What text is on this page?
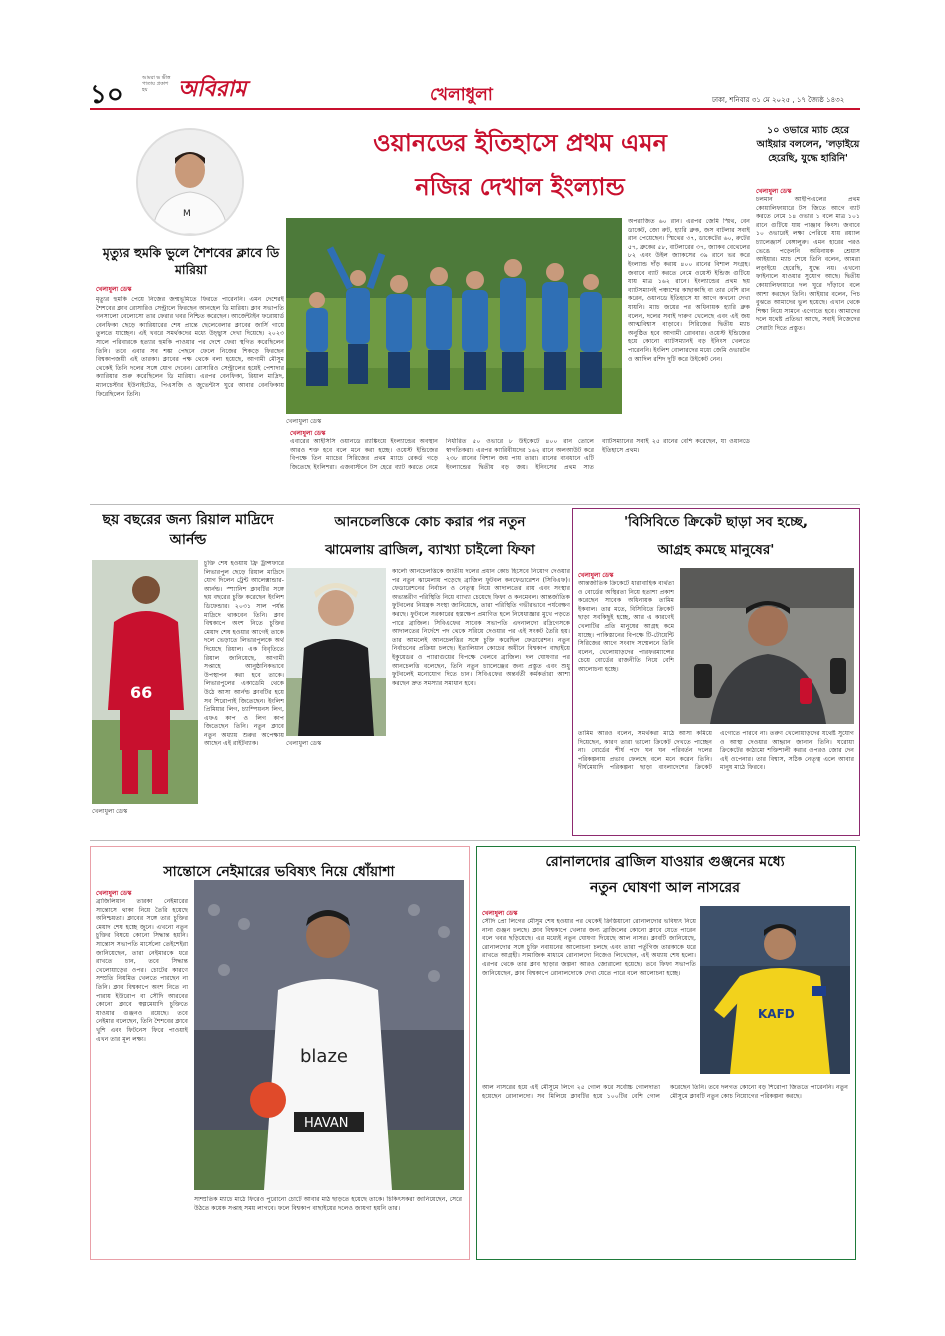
১০
আমরা ভ ভীত্ত পাতায় প্রকাশ হয়	অবিরাম	খেলাধুলা	ঢাকা, শনিবার ৩১ মে ২০২৫ , ১৭ জ্যৈষ্ঠ ১৪৩২
M
মৃত্যুর হুমকি ভুলে শৈশবের ক্লাবে ডি মারিয়া
খেলাধুলা ডেস্ক
মৃত্যুর হুমকি পেয়ে নিজের জন্মভূমিতে ফিরতে পারেননি। এমন দেশেরই শৈশবের ক্লাব রোসারিও সেন্ট্রালে ফিরছেন আনহেল ডি মারিয়া। ক্লাব সভাপতি গনসালো বেলোসো তার ফেরার খবর নিশ্চিত করেছেন। আর্জেন্টাইন ফরোয়ার্ড বেনফিকা ছেড়ে ক্যারিয়ারের শেষ প্রান্তে ছেলেবেলার ক্লাবের জার্সি গায়ে তুলতে যাচ্ছেন। এই খবরে সমর্থকদের মধ্যে উচ্ছ্বাস দেখা দিয়েছে। ২০২৩ সালে পরিবারকে হত্যার হুমকি পাওয়ার পর দেশে ফেরা স্থগিত করেছিলেন তিনি। তবে এবার সব শঙ্কা পেছনে ফেলে নিজের শিকড়ে ফিরছেন বিশ্বকাপজয়ী এই তারকা। ক্লাবের পক্ষ থেকে বলা হয়েছে, আগামী মৌসুম থেকেই তিনি দলের সঙ্গে যোগ দেবেন। রোসারিও সেন্ট্রালের হয়েই পেশাদার ক্যারিয়ার শুরু করেছিলেন ডি মারিয়া। এরপর বেনফিকা, রিয়াল মাদ্রিদ, ম্যানচেস্টার ইউনাইটেড, পিএসজি ও জুভেন্টাস ঘুরে আবার বেনফিকায় ফিরেছিলেন তিনি।
ওয়ানডের ইতিহাসে প্রথম এমন
নজির দেখাল ইংল্যান্ড
খেলাধুলা ডেস্ক
অপরাজিত ৬০ রান। এরপর জেমি স্মিথ, বেন ডাকেট, জো রুট, হ্যারি ব্রুক, জস বাটলার সবাই রান পেয়েছেন। স্মিথের ৩৭, ডাকেটের ৬০, রুটের ৫৭, ব্রুকের ৫৮, বাটলারের ৩৭, জ্যাকব বেথেলের ৮২ এবং উইল জ্যাকসের ৩৯ রানে ভর করে ইংল্যান্ড দাঁড় করায় ৪০০ রানের বিশাল সংগ্রহ। জবাবে ব্যাট করতে নেমে ওয়েস্ট ইন্ডিজ গুটিয়ে যায় মাত্র ১৬২ রানে। ইংল্যান্ডের প্রথম ছয় ব্যাটসম্যানই পঞ্চাশের কাছাকাছি বা তার বেশি রান করেন, ওয়ানডে ইতিহাসে যা আগে কখনো দেখা যায়নি। ম্যাচ জয়ের পর অধিনায়ক হ্যারি ব্রুক বলেন, দলের সবাই দারুণ খেলেছে এবং এই জয় আত্মবিশ্বাস বাড়াবে। সিরিজের দ্বিতীয় ম্যাচ অনুষ্ঠিত হবে আগামী রোববার। ওয়েস্ট ইন্ডিজের হয়ে কোনো ব্যাটসম্যানই বড় ইনিংস খেলতে পারেননি। ইংলিশ বোলারদের মধ্যে জেমি ওভারটন ও আদিল রশিদ দুটি করে উইকেট নেন।
খেলাধুলা ডেস্ক
এবারের আইসিসি ওয়ানডে র‍্যাঙ্কিংয়ে ইংল্যান্ডের অবস্থান আরও শক্ত হবে বলে মনে করা হচ্ছে। ওয়েস্ট ইন্ডিজের বিপক্ষে তিন ম্যাচের সিরিজের প্রথম ম্যাচে রেকর্ড গড়ে জিতেছে ইংলিশরা। এজবাস্টনে টস হেরে ব্যাট করতে নেমে নির্ধারিত ৫০ ওভারে ৮ উইকেটে ৪০০ রান তোলে স্বাগতিকরা। এরপর ক্যারিবীয়দের ১৬২ রানে অলআউট করে ২৩৮ রানের বিশাল জয় পায় তারা। রানের ব্যবধানে এটি ইংল্যান্ডের দ্বিতীয় বড় জয়। ইনিংসের প্রথম সাত ব্যাটসম্যানের সবাই ২৫ রানের বেশি করেছেন, যা ওয়ানডে ইতিহাসে প্রথম।
১০ ওভারে ম্যাচ হেরে আইয়ার বললেন, 'লড়াইয়ে হেরেছি, যুদ্ধে হারিনি'
খেলাধুলা ডেস্ক
চলমান আইপিএলের প্রথম কোয়ালিফায়ারে টস জিতে আগে ব্যাট করতে নেমে ১৪ ওভার ১ বলে মাত্র ১০১ রানে গুটিয়ে যায় পাঞ্জাব কিংস। জবাবে ১০ ওভারেই লক্ষ্য পেরিয়ে যায় রয়্যাল চ্যালেঞ্জার্স বেঙ্গালুরু। এমন হারের পরও ভেঙে পড়েননি অধিনায়ক শ্রেয়াস আইয়ার। ম্যাচ শেষে তিনি বলেন, আমরা লড়াইয়ে হেরেছি, যুদ্ধে নয়। এখনো ফাইনালে যাওয়ার সুযোগ আছে। দ্বিতীয় কোয়ালিফায়ারে দল ঘুরে দাঁড়াবে বলে আশা করছেন তিনি। আইয়ার বলেন, পিচ বুঝতে আমাদের ভুল হয়েছে। এখান থেকে শিক্ষা নিয়ে সামনে এগোতে হবে। আমাদের দলে যথেষ্ট প্রতিভা আছে, সবাই নিজেদের সেরাটা দিতে প্রস্তুত।
ছয় বছরের জন্য রিয়াল মাদ্রিদে আর্নল্ড
66
খেলাধুলা ডেস্ক
চুক্তি শেষ হওয়ায় ফ্রি ট্রান্সফারে লিভারপুল ছেড়ে রিয়াল মাদ্রিদে যোগ দিলেন ট্রেন্ট আলেক্সান্ডার-আর্নল্ড। স্প্যানিশ ক্লাবটির সঙ্গে ছয় বছরের চুক্তি করেছেন ইংলিশ ডিফেন্ডার। ২০৩১ সাল পর্যন্ত মাদ্রিদে থাকবেন তিনি। ক্লাব বিশ্বকাপে অংশ নিতে চুক্তির মেয়াদ শেষ হওয়ার আগেই তাকে দলে ভেড়াতে লিভারপুলকে অর্থ দিয়েছে রিয়াল। এক বিবৃতিতে রিয়াল জানিয়েছে, আগামী সপ্তাহে আনুষ্ঠানিকভাবে উপস্থাপন করা হবে তাকে। লিভারপুলের একাডেমি থেকে উঠে আসা আর্নল্ড ক্লাবটির হয়ে সব শিরোপাই জিতেছেন। ইংলিশ প্রিমিয়ার লিগ, চ্যাম্পিয়নস লিগ, এফএ কাপ ও লিগ কাপ জিতেছেন তিনি। নতুন ক্লাবে নতুন অধ্যায় শুরুর অপেক্ষায় আছেন এই রাইটব্যাক।
আনচেলত্তিকে কোচ করার পর নতুন
ঝামেলায় ব্রাজিল, ব্যাখ্যা চাইলো ফিফা
খেলাধুলা ডেস্ক
কার্লো আনচেলত্তিকে জাতীয় দলের প্রধান কোচ হিসেবে নিয়োগ দেওয়ার পর নতুন ঝামেলায় পড়েছে ব্রাজিল ফুটবল কনফেডারেশন (সিবিএফ)। ফেডারেশনের নির্বাচন ও নেতৃত্ব নিয়ে আদালতের রায় এবং সংস্থার অভ্যন্তরীণ পরিস্থিতি নিয়ে ব্যাখ্যা চেয়েছে ফিফা ও কনমেবল। আন্তর্জাতিক ফুটবলের নিয়ন্ত্রক সংস্থা জানিয়েছে, তারা পরিস্থিতি গভীরভাবে পর্যবেক্ষণ করছে। ফুটবলে সরকারের হস্তক্ষেপ প্রমাণিত হলে নিষেধাজ্ঞার মুখে পড়তে পারে ব্রাজিল। সিবিএফের সাবেক সভাপতি এদনালদো রদ্রিগেসকে আদালতের নির্দেশে পদ থেকে সরিয়ে দেওয়ার পর এই সংকট তৈরি হয়। তার আমলেই আনচেলত্তির সঙ্গে চুক্তি করেছিল ফেডারেশন। নতুন নির্বাচনের প্রক্রিয়া চলছে। ইতালিয়ান কোচের অধীনে বিশ্বকাপ বাছাইয়ে ইকুয়েডর ও প্যারাগুয়ের বিপক্ষে খেলবে ব্রাজিল। দল ঘোষণার পর আনচেলত্তি বলেছেন, তিনি নতুন চ্যালেঞ্জের জন্য প্রস্তুত এবং শুধু ফুটবলেই মনোযোগ দিতে চান। সিবিএফের অন্তর্বর্তী কর্মকর্তারা আশা করছেন দ্রুত সমস্যার সমাধান হবে।
'বিসিবিতে ক্রিকেট ছাড়া সব হচ্ছে,
আগ্রহ কমছে মানুষের'
খেলাধুলা ডেস্ক
আন্তর্জাতিক ক্রিকেটে ধারাবাহিক ব্যর্থতা ও বোর্ডের অস্থিরতা নিয়ে হতাশা প্রকাশ করেছেন সাবেক অধিনায়ক তামিম ইকবাল। তার মতে, বিসিবিতে ক্রিকেট ছাড়া সবকিছুই হচ্ছে, আর এ কারণেই খেলাটির প্রতি মানুষের আগ্রহ কমে যাচ্ছে। পাকিস্তানের বিপক্ষে টি-টোয়েন্টি সিরিজের আগে সংবাদ সম্মেলনে তিনি বলেন, খেলোয়াড়দের পারফরম্যান্সের চেয়ে বোর্ডের রাজনীতি নিয়ে বেশি আলোচনা হচ্ছে।
তামিম আরও বলেন, সমর্থকরা মাঠে আসা কমিয়ে দিয়েছেন, কারণ তারা ভালো ক্রিকেট দেখতে পাচ্ছেন না। বোর্ডের শীর্ষ পদে ঘন ঘন পরিবর্তন দলের পরিকল্পনায় প্রভাব ফেলছে বলে মনে করেন তিনি। দীর্ঘমেয়াদি পরিকল্পনা ছাড়া বাংলাদেশের ক্রিকেট এগোতে পারবে না। তরুণ খেলোয়াড়দের যথেষ্ট সুযোগ ও আস্থা দেওয়ার আহ্বান জানান তিনি। ঘরোয়া ক্রিকেটের কাঠামো শক্তিশালী করার ওপরও জোর দেন এই ওপেনার। তার বিশ্বাস, সঠিক নেতৃত্ব এলে আবার মানুষ মাঠে ফিরবে।
সান্তোসে নেইমারের ভবিষ্যৎ নিয়ে ধোঁয়াশা
খেলাধুলা ডেস্ক
ব্রাজিলিয়ান তারকা নেইমারের সান্তোসে থাকা নিয়ে তৈরি হয়েছে অনিশ্চয়তা। ক্লাবের সঙ্গে তার চুক্তির মেয়াদ শেষ হচ্ছে জুনে। এখনো নতুন চুক্তির বিষয়ে কোনো সিদ্ধান্ত হয়নি। সান্তোস সভাপতি মার্সেলো তেইশেইরা জানিয়েছেন, তারা নেইমারকে ধরে রাখতে চান, তবে সিদ্ধান্ত খেলোয়াড়ের ওপর। চোটের কারণে সম্প্রতি নিয়মিত খেলতে পারছেন না তিনি। ক্লাব বিশ্বকাপে অংশ নিতে না পারায় ইউরোপ বা সৌদি আরবের কোনো ক্লাবে স্বল্পমেয়াদি চুক্তিতে যাওয়ার গুঞ্জনও রয়েছে। তবে নেইমার বলেছেন, তিনি শৈশবের ক্লাবে খুশি এবং ফিটনেস ফিরে পাওয়াই এখন তার মূল লক্ষ্য।
blaze
HAVAN
সাম্প্রতিক ম্যাচে মাঠে ফিরেও পুরোনো চোটে আবার মাঠ ছাড়তে হয়েছে তাকে। চিকিৎসকরা জানিয়েছেন, সেরে উঠতে কয়েক সপ্তাহ সময় লাগবে। ফলে বিশ্বকাপ বাছাইয়ের দলেও জায়গা হয়নি তার।
রোনালদোর ব্রাজিল যাওয়ার গুঞ্জনের মধ্যে
নতুন ঘোষণা আল নাসরের
খেলাধুলা ডেস্ক
সৌদি প্রো লিগের মৌসুম শেষ হওয়ার পর থেকেই ক্রিস্তিয়ানো রোনালদোর ভবিষ্যৎ নিয়ে নানা গুঞ্জন চলছে। ক্লাব বিশ্বকাপে খেলার জন্য ব্রাজিলের কোনো ক্লাবে যেতে পারেন বলে খবর ছড়িয়েছে। এর মধ্যেই নতুন ঘোষণা দিয়েছে আল নাসর। ক্লাবটি জানিয়েছে, রোনালদোর সঙ্গে চুক্তি নবায়নের আলোচনা চলছে এবং তারা পর্তুগিজ তারকাকে ধরে রাখতে আগ্রহী। সামাজিক মাধ্যমে রোনালদো নিজেও লিখেছেন, এই অধ্যায় শেষ হলো। এরপর থেকে তার ক্লাব ছাড়ার জল্পনা আরও জোরালো হয়েছে। তবে ফিফা সভাপতি জানিয়েছেন, ক্লাব বিশ্বকাপে রোনালদোকে দেখা যেতে পারে বলে আলোচনা হচ্ছে।
KAFD
আল নাসরের হয়ে এই মৌসুমে লিগে ২৫ গোল করে সর্বোচ্চ গোলদাতা হয়েছেন রোনালদো। সব মিলিয়ে ক্লাবটির হয়ে ১০০টির বেশি গোল করেছেন তিনি। তবে দলগত কোনো বড় শিরোপা জিততে পারেননি। নতুন মৌসুমে ক্লাবটি নতুন কোচ নিয়োগের পরিকল্পনা করছে।
